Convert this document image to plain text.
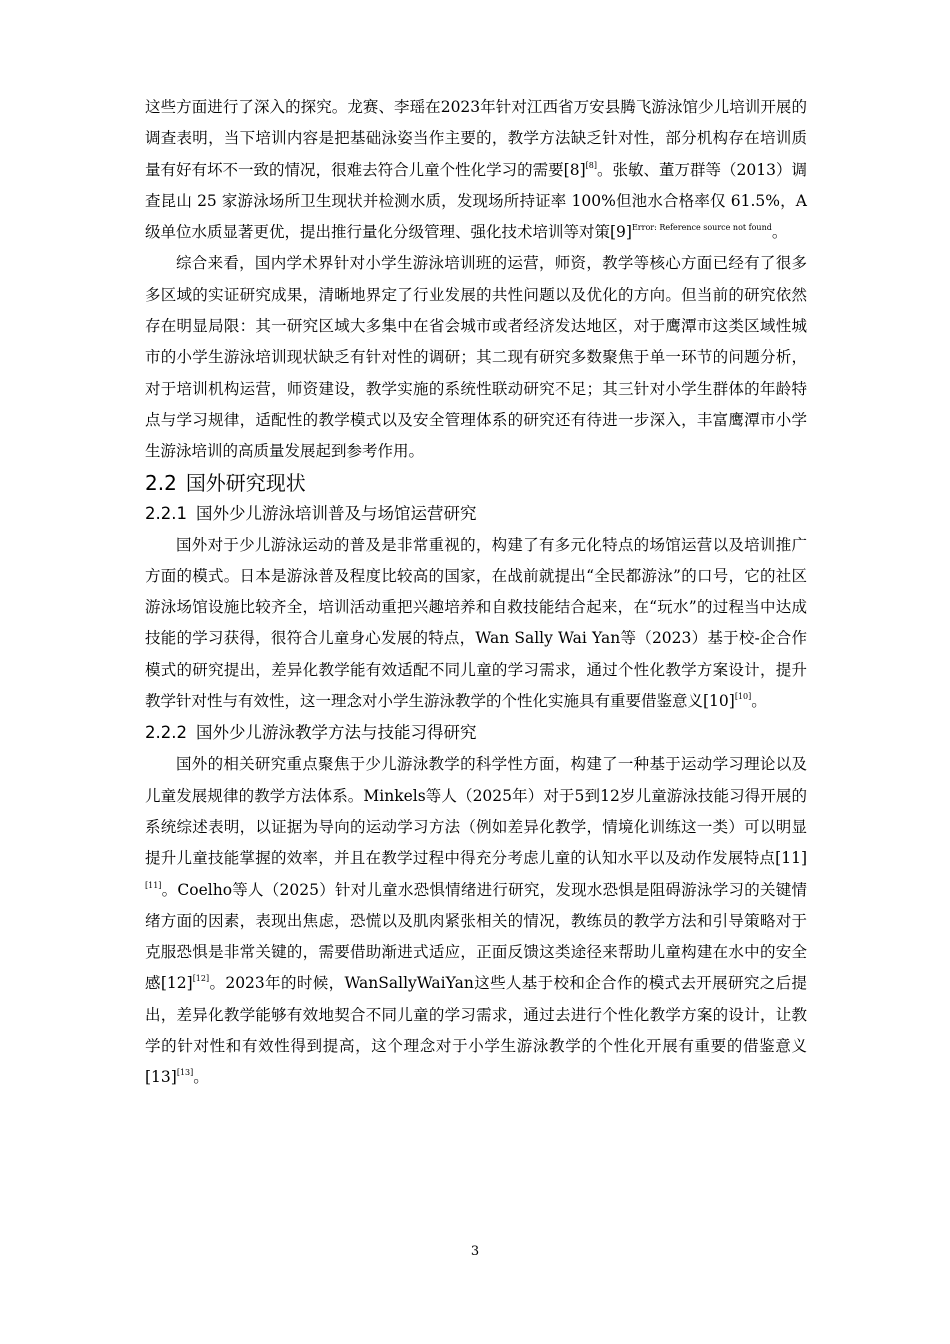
这些方面进行了深入的探究。龙赛、李瑶在2023年针对江西省万安县腾飞游泳馆少儿培训开展的调查表明，当下培训内容是把基础泳姿当作主要的，教学方法缺乏针对性，部分机构存在培训质量有好有坏不一致的情况，很难去符合儿童个性化学习的需要[8][8]。张敏、董万群等（2013）调查昆山 25 家游泳场所卫生现状并检测水质，发现场所持证率 100%但池水合格率仅 61.5%，A 级单位水质显著更优，提出推行量化分级管理、强化技术培训等对策$[9]^{Error: Reference source not found}$。

综合来看，国内学术界针对小学生游泳培训班的运营，师资，教学等核心方面已经有了很多多区域的实证研究成果，清晰地界定了行业发展的共性问题以及优化的方向。但当前的研究依然存在明显局限：其一研究区域大多集中在省会城市或者经济发达地区，对于鹰潭市这类区域性城市的小学生游泳培训现状缺乏有针对性的调研；其二现有研究多数聚焦于单一环节的问题分析，对于培训机构运营，师资建设，教学实施的系统性联动研究不足；其三针对小学生群体的年龄特点与学习规律，适配性的教学模式以及安全管理体系的研究还有待进一步深入，丰富鹰潭市小学生游泳培训的高质量发展起到参考作用。

2.2 国外研究现状
2.2.1 国外少儿游泳培训普及与场馆运营研究

国外对于少儿游泳运动的普及是非常重视的，构建了有多元化特点的场馆运营以及培训推广方面的模式。日本是游泳普及程度比较高的国家，在战前就提出“全民都游泳”的口号，它的社区游泳场馆设施比较齐全，培训活动重把兴趣培养和自救技能结合起来，在“玩水”的过程当中达成技能的学习获得，很符合儿童身心发展的特点，Wan Sally Wai Yan等（2023）基于校-企合作模式的研究提出，差异化教学能有效适配不同儿童的学习需求，通过个性化教学方案设计，提升教学针对性与有效性，这一理念对小学生游泳教学的个性化实施具有重要借鉴意义[10][10]。

2.2.2 国外少儿游泳教学方法与技能习得研究

国外的相关研究重点聚焦于少儿游泳教学的科学性方面，构建了一种基于运动学习理论以及儿童发展规律的教学方法体系。Minkels等人（2025年）对于5到12岁儿童游泳技能习得开展的系统综述表明，以证据为导向的运动学习方法（例如差异化教学，情境化训练这一类）可以明显提升儿童技能掌握的效率，并且在教学过程中得充分考虑儿童的认知水平以及动作发展特点[11][11]。Coelho等人（2025）针对儿童水恐惧情绪进行研究，发现水恐惧是阻碍游泳学习的关键情绪方面的因素，表现出焦虑，恐慌以及肌肉紧张相关的情况，教练员的教学方法和引导策略对于克服恐惧是非常关键的，需要借助渐进式适应，正面反馈这类途径来帮助儿童构建在水中的安全感[12][12]。2023年的时候，WanSallyWaiYan这些人基于校和企合作的模式去开展研究之后提出，差异化教学能够有效地契合不同儿童的学习需求，通过去进行个性化教学方案的设计，让教学的针对性和有效性得到提高，这个理念对于小学生游泳教学的个性化开展有重要的借鉴意义[13][13]。

3
